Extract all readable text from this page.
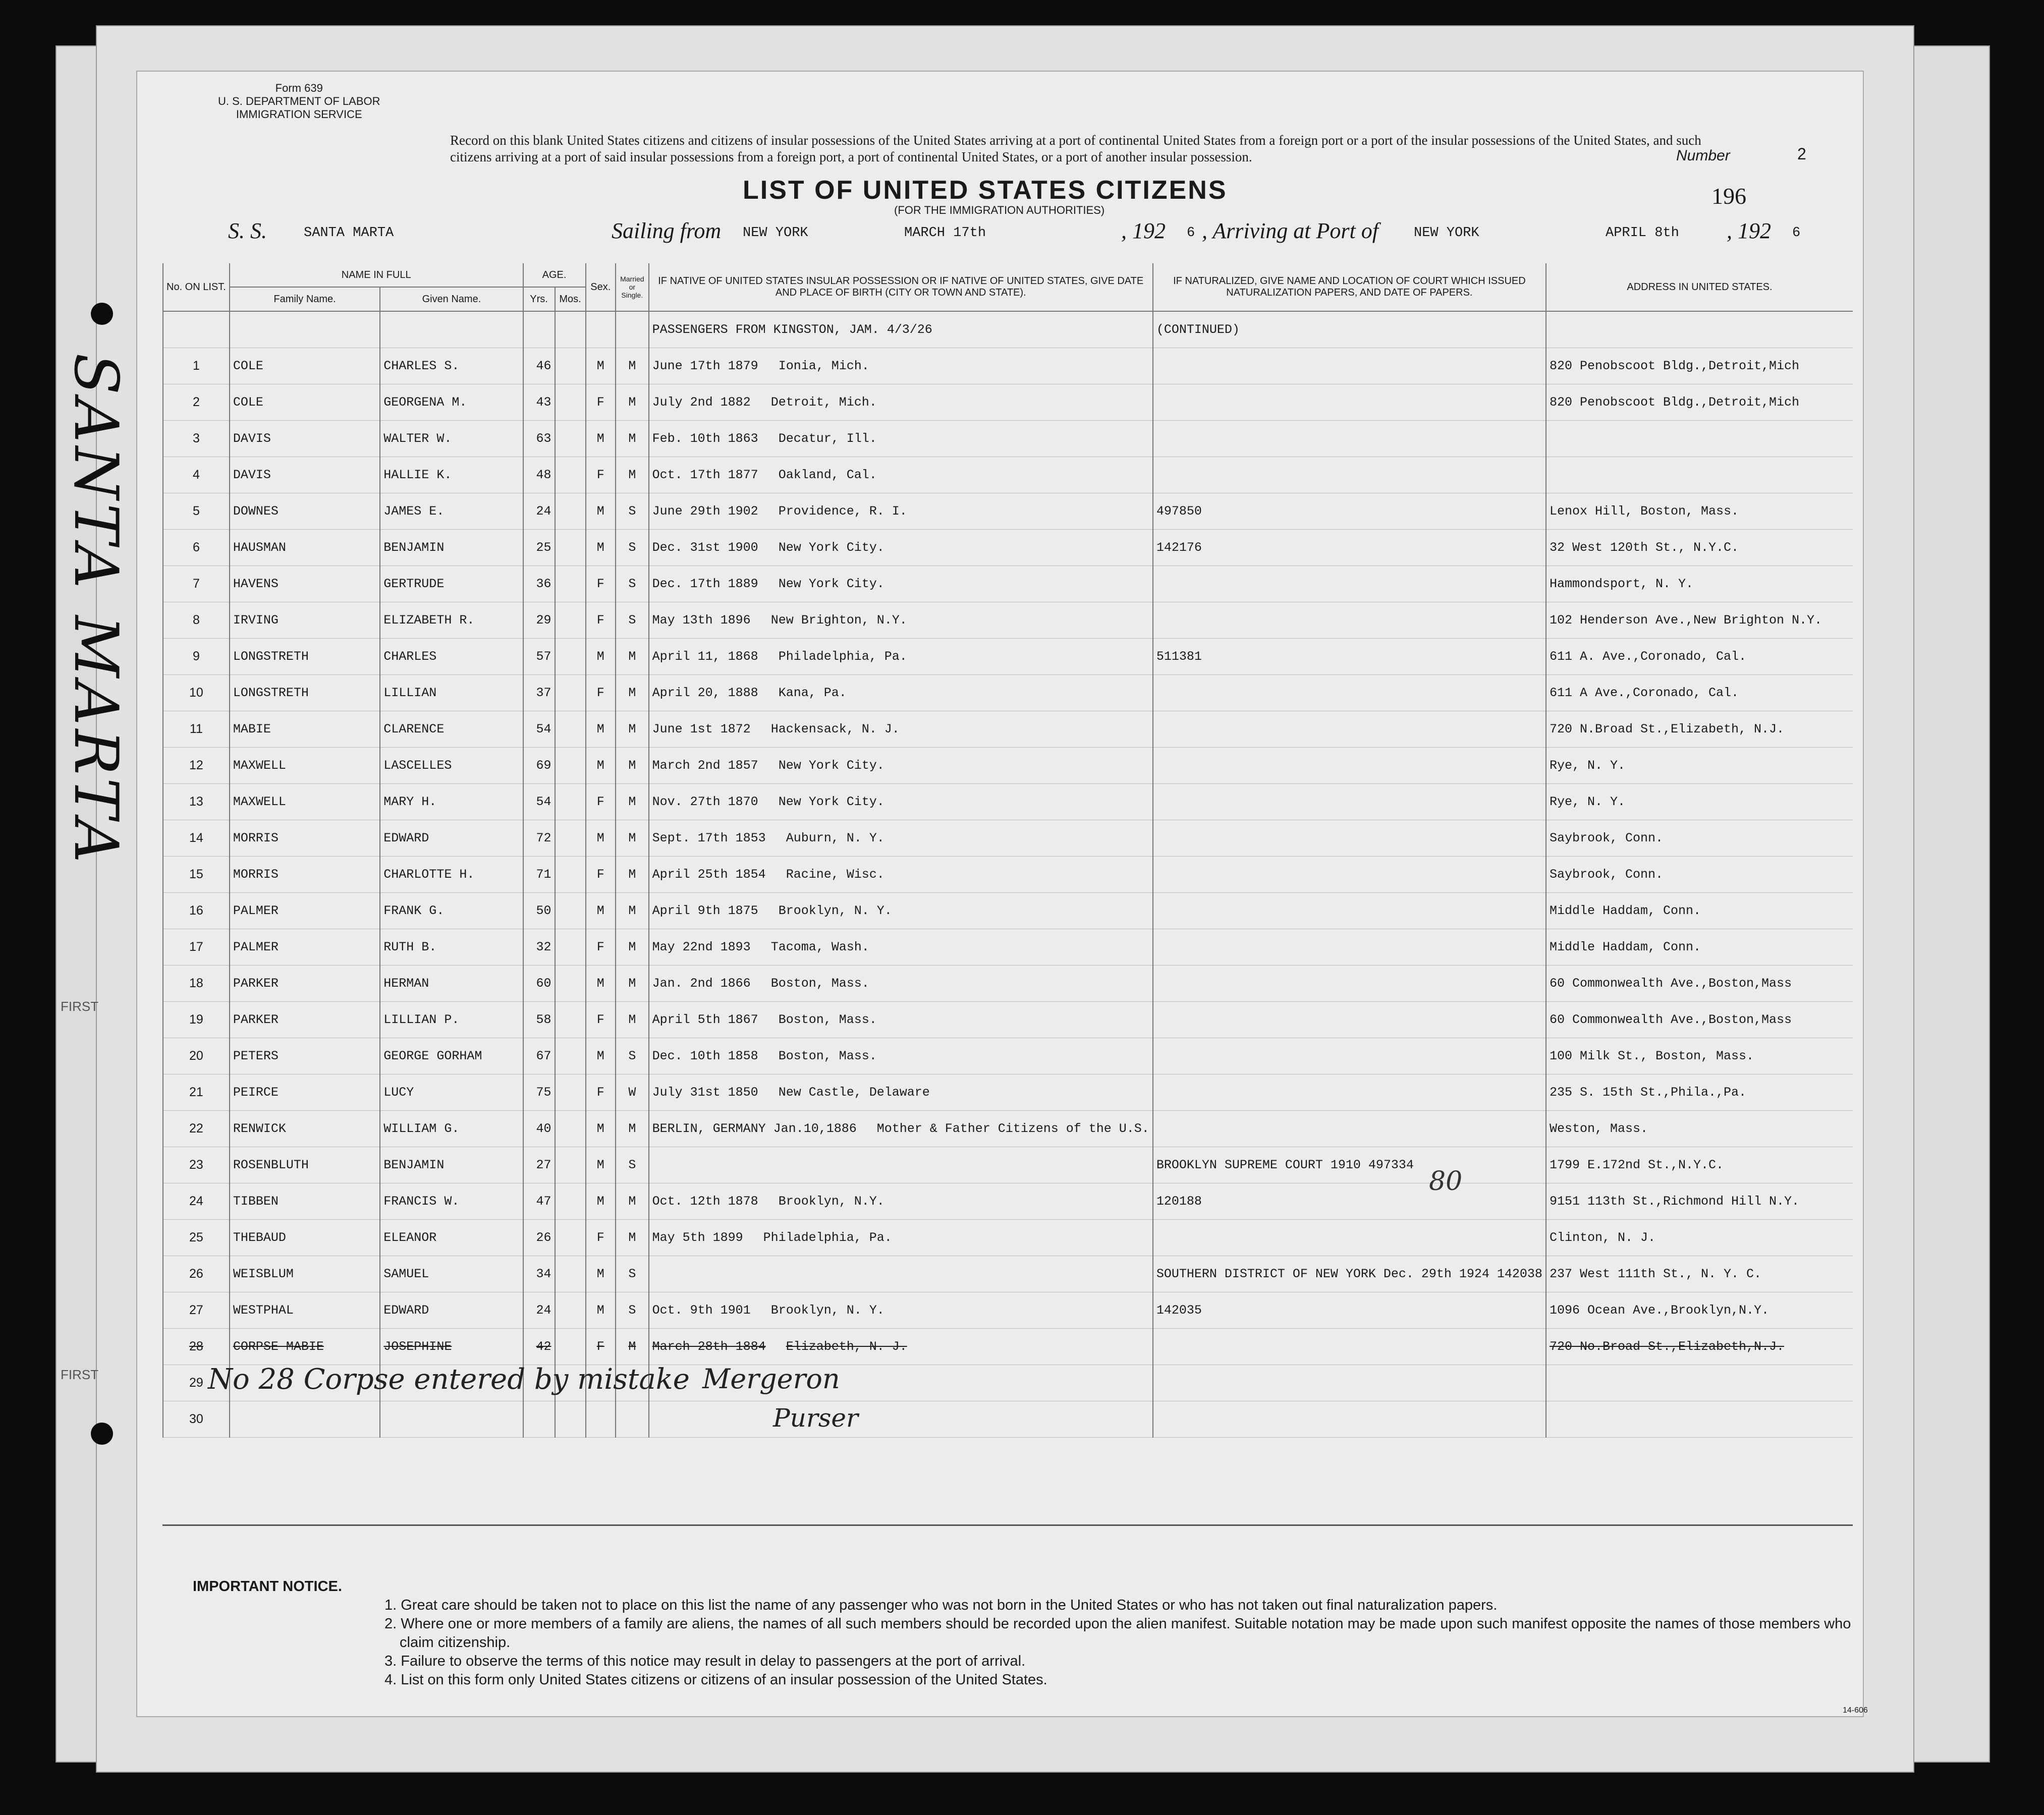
SANTA MARTA
FIRST
FIRST
Form 639
U. S. DEPARTMENT OF LABOR
IMMIGRATION SERVICE
Record on this blank United States citizens and citizens of insular possessions of the United States arriving at a port of continental United States from a foreign port or a port of the insular possessions of the United States, and such citizens arriving at a port of said insular possessions from a foreign port, a port of continental United States, or a port of another insular possession.	Number	2
LIST OF UNITED STATES CITIZENS
(FOR THE IMMIGRATION AUTHORITIES)
196
S. S.	SANTA MARTA	Sailing from NEW YORK	MARCH 17th	, 192 6 , Arriving at Port of	NEW YORK	APRIL 8th , 192 6
No. ON LIST.	NAME IN FULL		AGE.		Sex.	Married or Single.	IF NATIVE OF UNITED STATES INSULAR POSSESSION OR IF NATIVE OF UNITED STATES, GIVE DATE AND PLACE OF BIRTH (CITY OR TOWN AND STATE).	IF NATURALIZED, GIVE NAME AND LOCATION OF COURT WHICH ISSUED NATURALIZATION PAPERS, AND DATE OF PAPERS.	ADDRESS IN UNITED STATES.
	Family Name.	Given Name.	Yrs.	Mos.					
							PASSENGERS FROM KINGSTON, JAM. 4/3/26	(CONTINUED)	
1	COLE	CHARLES S.	46		M	M	June 17th 1879 Ionia, Mich.		820 Penobscoot Bldg.,Detroit,Mich
2	COLE	GEORGENA M.	43		F	M	July 2nd 1882 Detroit, Mich.		820 Penobscoot Bldg.,Detroit,Mich
3	DAVIS	WALTER W.	63		M	M	Feb. 10th 1863 Decatur, Ill.		
4	DAVIS	HALLIE K.	48		F	M	Oct. 17th 1877 Oakland, Cal.		
5	DOWNES	JAMES E.	24		M	S	June 29th 1902 Providence, R. I.	497850	Lenox Hill, Boston, Mass.
6	HAUSMAN	BENJAMIN	25		M	S	Dec. 31st 1900 New York City.	142176	32 West 120th St., N.Y.C.
7	HAVENS	GERTRUDE	36		F	S	Dec. 17th 1889 New York City.		Hammondsport, N. Y.
8	IRVING	ELIZABETH R.	29		F	S	May 13th 1896 New Brighton, N.Y.		102 Henderson Ave.,New Brighton N.Y.
9	LONGSTRETH	CHARLES	57		M	M	April 11, 1868 Philadelphia, Pa.	511381	611 A. Ave.,Coronado, Cal.
10	LONGSTRETH	LILLIAN	37		F	M	April 20, 1888 Kana, Pa.		611 A Ave.,Coronado, Cal.
11	MABIE	CLARENCE	54		M	M	June 1st 1872 Hackensack, N. J.		720 N.Broad St.,Elizabeth, N.J.
12	MAXWELL	LASCELLES	69		M	M	March 2nd 1857 New York City.		Rye, N. Y.
13	MAXWELL	MARY H.	54		F	M	Nov. 27th 1870 New York City.		Rye, N. Y.
14	MORRIS	EDWARD	72		M	M	Sept. 17th 1853 Auburn, N. Y.		Saybrook, Conn.
15	MORRIS	CHARLOTTE H.	71		F	M	April 25th 1854 Racine, Wisc.		Saybrook, Conn.
16	PALMER	FRANK G.	50		M	M	April 9th 1875 Brooklyn, N. Y.		Middle Haddam, Conn.
17	PALMER	RUTH B.	32		F	M	May 22nd 1893 Tacoma, Wash.		Middle Haddam, Conn.
18	PARKER	HERMAN	60		M	M	Jan. 2nd 1866 Boston, Mass.		60 Commonwealth Ave.,Boston,Mass
19	PARKER	LILLIAN P.	58		F	M	April 5th 1867 Boston, Mass.		60 Commonwealth Ave.,Boston,Mass
20	PETERS	GEORGE GORHAM	67		M	S	Dec. 10th 1858 Boston, Mass.		100 Milk St., Boston, Mass.
21	PEIRCE	LUCY	75		F	W	July 31st 1850 New Castle, Delaware		235 S. 15th St.,Phila.,Pa.
22	RENWICK	WILLIAM G.	40		M	M	BERLIN, GERMANY Jan.10,1886 Mother & Father Citizens of the U.S.		Weston, Mass.
23	ROSENBLUTH	BENJAMIN	27		M	S		BROOKLYN SUPREME COURT 1910 497334	1799 E.172nd St.,N.Y.C.
24	TIBBEN	FRANCIS W.	47		M	M	Oct. 12th 1878 Brooklyn, N.Y.	120188	9151 113th St.,Richmond Hill N.Y.
25	THEBAUD	ELEANOR	26		F	M	May 5th 1899 Philadelphia, Pa.		Clinton, N. J.
26	WEISBLUM	SAMUEL	34		M	S		SOUTHERN DISTRICT OF NEW YORK Dec. 29th 1924 142038	237 West 111th St., N. Y. C.
27	WESTPHAL	EDWARD	24		M	S	Oct. 9th 1901 Brooklyn, N. Y.	142035	1096 Ocean Ave.,Brooklyn,N.Y.
28	CORPSE MABIE	JOSEPHINE	42		F	M	March 28th 1884 Elizabeth, N. J.		720 No.Broad St.,Elizabeth,N.J.
29									
30									
No 28 Corpse entered by mistake Mergeron
Purser
80
IMPORTANT NOTICE.
1. Great care should be taken not to place on this list the name of any passenger who was not born in the United States or who has not taken out final naturalization papers.
2. Where one or more members of a family are aliens, the names of all such members should be recorded upon the alien manifest. Suitable notation may be made upon such manifest opposite the names of those members who claim citizenship.
3. Failure to observe the terms of this notice may result in delay to passengers at the port of arrival.
4. List on this form only United States citizens or citizens of an insular possession of the United States.
14-606
